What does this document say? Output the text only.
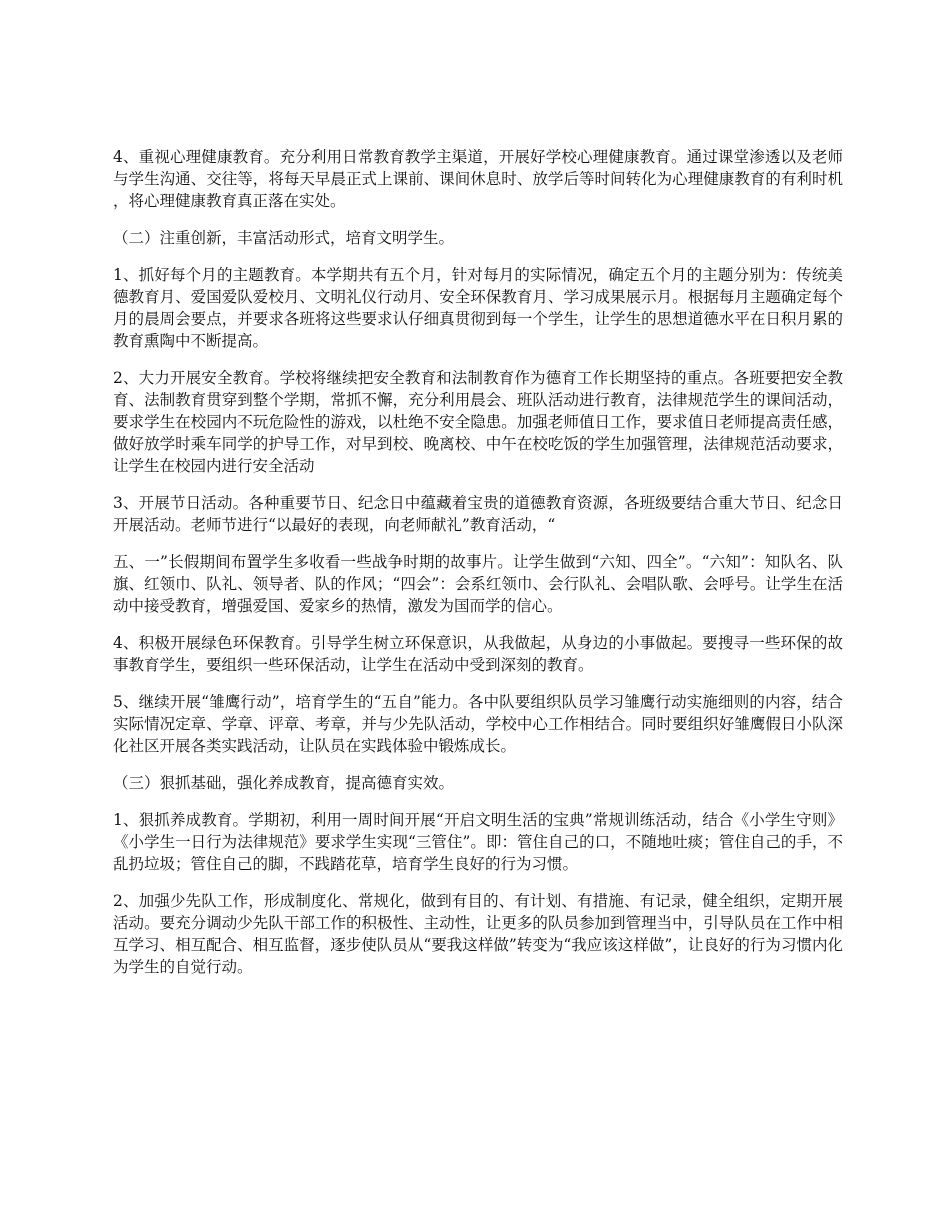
4、重视心理健康教育。充分利用日常教育教学主渠道，开展好学校心理健康教育。通过课堂渗透以及老师与学生沟通、交往等，将每天早晨正式上课前、课间休息时、放学后等时间转化为心理健康教育的有利时机，将心理健康教育真正落在实处。

（二）注重创新，丰富活动形式，培育文明学生。

1、抓好每个月的主题教育。本学期共有五个月，针对每月的实际情况，确定五个月的主题分别为：传统美德教育月、爱国爱队爱校月、文明礼仪行动月、安全环保教育月、学习成果展示月。根据每月主题确定每个月的晨周会要点，并要求各班将这些要求认仔细真贯彻到每一个学生，让学生的思想道德水平在日积月累的教育熏陶中不断提高。

2、大力开展安全教育。学校将继续把安全教育和法制教育作为德育工作长期坚持的重点。各班要把安全教育、法制教育贯穿到整个学期，常抓不懈，充分利用晨会、班队活动进行教育，法律规范学生的课间活动，要求学生在校园内不玩危险性的游戏，以杜绝不安全隐患。加强老师值日工作，要求值日老师提高责任感，做好放学时乘车同学的护导工作，对早到校、晚离校、中午在校吃饭的学生加强管理，法律规范活动要求，让学生在校园内进行安全活动

3、开展节日活动。各种重要节日、纪念日中蕴藏着宝贵的道德教育资源，各班级要结合重大节日、纪念日开展活动。老师节进行“以最好的表现，向老师献礼”教育活动，“

五、一”长假期间布置学生多收看一些战争时期的故事片。让学生做到“六知、四全”。“六知”：知队名、队旗、红领巾、队礼、领导者、队的作风；“四会”：会系红领巾、会行队礼、会唱队歌、会呼号。让学生在活动中接受教育，增强爱国、爱家乡的热情，激发为国而学的信心。

4、积极开展绿色环保教育。引导学生树立环保意识，从我做起，从身边的小事做起。要搜寻一些环保的故事教育学生，要组织一些环保活动，让学生在活动中受到深刻的教育。

5、继续开展“雏鹰行动”，培育学生的“五自”能力。各中队要组织队员学习雏鹰行动实施细则的内容，结合实际情况定章、学章、评章、考章，并与少先队活动，学校中心工作相结合。同时要组织好雏鹰假日小队深化社区开展各类实践活动，让队员在实践体验中锻炼成长。

（三）狠抓基础，强化养成教育，提高德育实效。

1、狠抓养成教育。学期初，利用一周时间开展“开启文明生活的宝典”常规训练活动，结合《小学生守则》《小学生一日行为法律规范》要求学生实现“三管住”。即：管住自己的口，不随地吐痰；管住自己的手，不乱扔垃圾；管住自己的脚，不践踏花草，培育学生良好的行为习惯。

2、加强少先队工作，形成制度化、常规化，做到有目的、有计划、有措施、有记录，健全组织，定期开展活动。要充分调动少先队干部工作的积极性、主动性，让更多的队员参加到管理当中，引导队员在工作中相互学习、相互配合、相互监督，逐步使队员从“要我这样做”转变为“我应该这样做”，让良好的行为习惯内化为学生的自觉行动。
